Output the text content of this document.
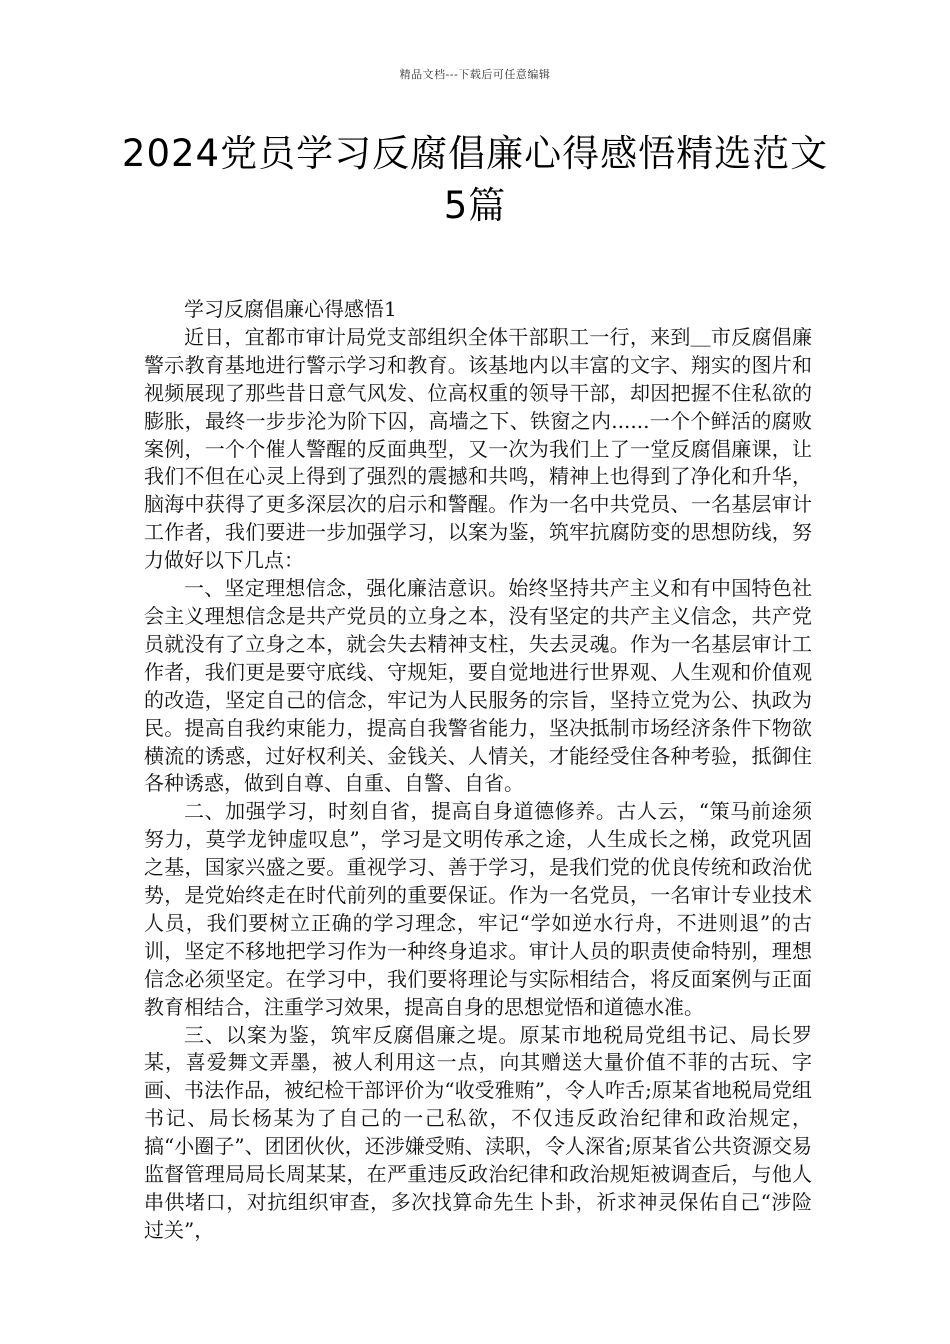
精品文档---下载后可任意编辑
2024党员学习反腐倡廉心得感悟精选范文5篇

学习反腐倡廉心得感悟1

近日，宜都市审计局党支部组织全体干部职工一行，来到＿市反腐倡廉警示教育基地进行警示学习和教育。该基地内以丰富的文字、翔实的图片和视频展现了那些昔日意气风发、位高权重的领导干部，却因把握不住私欲的膨胀，最终一步步沦为阶下囚，高墙之下、铁窗之内......一个个鲜活的腐败案例，一个个催人警醒的反面典型，又一次为我们上了一堂反腐倡廉课，让我们不但在心灵上得到了强烈的震撼和共鸣，精神上也得到了净化和升华，脑海中获得了更多深层次的启示和警醒。作为一名中共党员、一名基层审计工作者，我们要进一步加强学习，以案为鉴，筑牢抗腐防变的思想防线，努力做好以下几点：

一、坚定理想信念，强化廉洁意识。始终坚持共产主义和有中国特色社会主义理想信念是共产党员的立身之本，没有坚定的共产主义信念，共产党员就没有了立身之本，就会失去精神支柱，失去灵魂。作为一名基层审计工作者，我们更是要守底线、守规矩，要自觉地进行世界观、人生观和价值观的改造，坚定自己的信念，牢记为人民服务的宗旨，坚持立党为公、执政为民。提高自我约束能力，提高自我警省能力，坚决抵制市场经济条件下物欲横流的诱惑，过好权利关、金钱关、人情关，才能经受住各种考验，抵御住各种诱惑，做到自尊、自重、自警、自省。

二、加强学习，时刻自省，提高自身道德修养。古人云，“策马前途须努力，莫学龙钟虚叹息”，学习是文明传承之途，人生成长之梯，政党巩固之基，国家兴盛之要。重视学习、善于学习，是我们党的优良传统和政治优势，是党始终走在时代前列的重要保证。作为一名党员，一名审计专业技术人员，我们要树立正确的学习理念，牢记“学如逆水行舟，不进则退”的古训，坚定不移地把学习作为一种终身追求。审计人员的职责使命特别，理想信念必须坚定。在学习中，我们要将理论与实际相结合，将反面案例与正面教育相结合，注重学习效果，提高自身的思想觉悟和道德水准。

三、以案为鉴，筑牢反腐倡廉之堤。原某市地税局党组书记、局长罗某，喜爱舞文弄墨，被人利用这一点，向其赠送大量价值不菲的古玩、字画、书法作品，被纪检干部评价为“收受雅贿”，令人咋舌;原某省地税局党组书记、局长杨某为了自己的一己私欲，不仅违反政治纪律和政治规定，搞“小圈子”、团团伙伙，还涉嫌受贿、渎职，令人深省;原某省公共资源交易监督管理局局长周某某，在严重违反政治纪律和政治规矩被调查后，与他人串供堵口，对抗组织审查，多次找算命先生卜卦，祈求神灵保佑自己“涉险过关”，
